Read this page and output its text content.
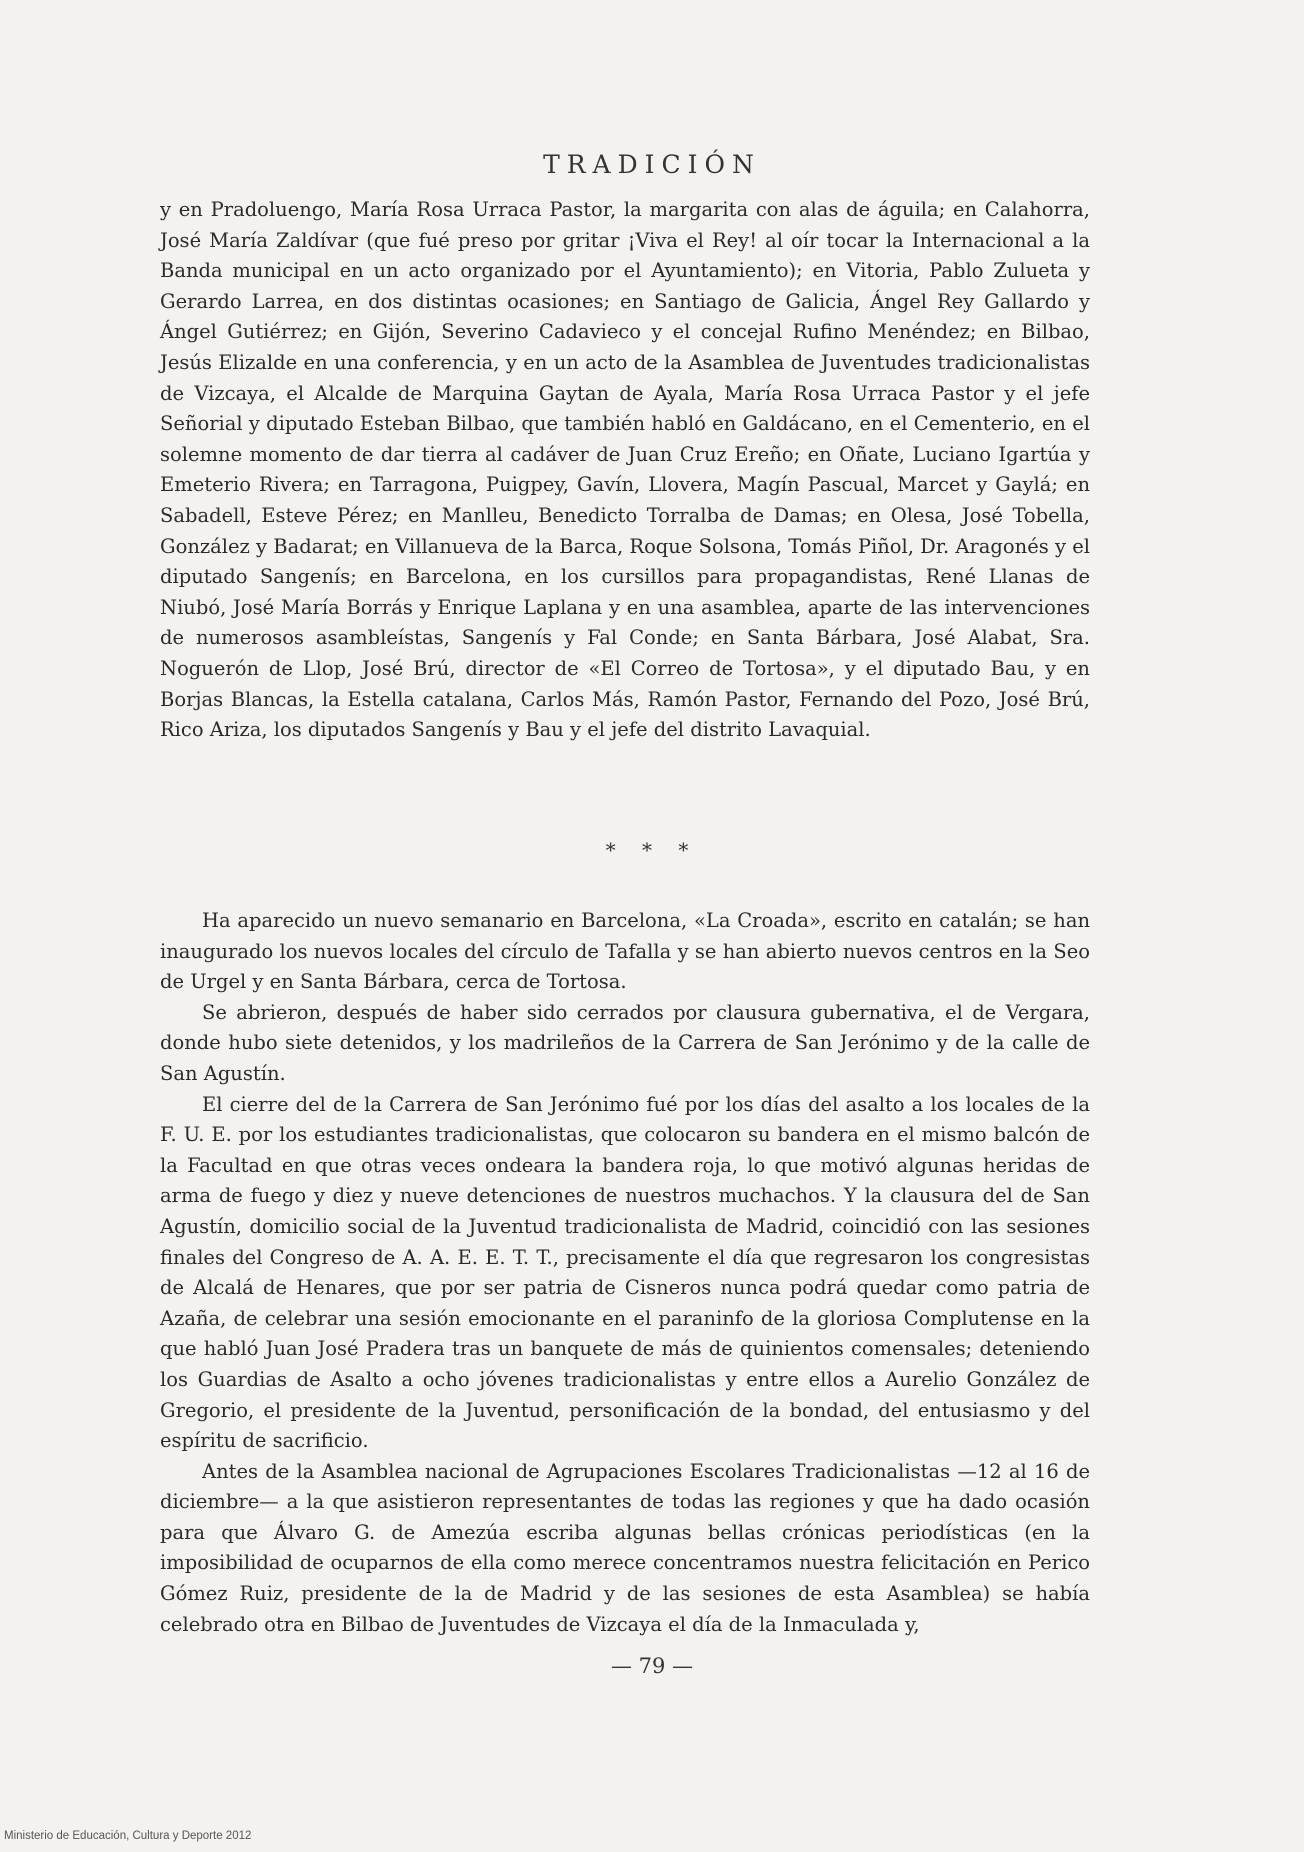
TRADICIÓN

y en Pradoluengo, María Rosa Urraca Pastor, la margarita con alas de águila; en Calahorra, José María Zaldívar (que fué preso por gritar ¡Viva el Rey! al oír tocar la Internacional a la Banda municipal en un acto organizado por el Ayuntamiento); en Vitoria, Pablo Zulueta y Gerardo Larrea, en dos distintas ocasiones; en Santiago de Galicia, Ángel Rey Gallardo y Ángel Gutiérrez; en Gijón, Severino Cadavieco y el concejal Rufino Menéndez; en Bilbao, Jesús Elizalde en una conferencia, y en un acto de la Asamblea de Juventudes tradicionalistas de Vizcaya, el Alcalde de Marquina Gaytan de Ayala, María Rosa Urraca Pastor y el jefe Señorial y diputado Esteban Bilbao, que también habló en Galdácano, en el Cementerio, en el solemne momento de dar tierra al cadáver de Juan Cruz Ereño; en Oñate, Luciano Igartúa y Emeterio Rivera; en Tarragona, Puigpey, Gavín, Llovera, Magín Pascual, Marcet y Gaylá; en Sabadell, Esteve Pérez; en Manlleu, Benedicto Torralba de Damas; en Olesa, José Tobella, González y Badarat; en Villanueva de la Barca, Roque Solsona, Tomás Piñol, Dr. Aragonés y el diputado Sangenís; en Barcelona, en los cursillos para propagandistas, René Llanas de Niubó, José María Borrás y Enrique Laplana y en una asamblea, aparte de las intervenciones de numerosos asambleístas, Sangenís y Fal Conde; en Santa Bárbara, José Alabat, Sra. Noguerón de Llop, José Brú, director de «El Correo de Tortosa», y el diputado Bau, y en Borjas Blancas, la Estella catalana, Carlos Más, Ramón Pastor, Fernando del Pozo, José Brú, Rico Ariza, los diputados Sangenís y Bau y el jefe del distrito Lavaquial.

* * *

Ha aparecido un nuevo semanario en Barcelona, «La Croada», escrito en catalán; se han inaugurado los nuevos locales del círculo de Tafalla y se han abierto nuevos centros en la Seo de Urgel y en Santa Bárbara, cerca de Tortosa.

Se abrieron, después de haber sido cerrados por clausura gubernativa, el de Vergara, donde hubo siete detenidos, y los madrileños de la Carrera de San Jerónimo y de la calle de San Agustín.

El cierre del de la Carrera de San Jerónimo fué por los días del asalto a los locales de la F. U. E. por los estudiantes tradicionalistas, que colocaron su bandera en el mismo balcón de la Facultad en que otras veces ondeara la bandera roja, lo que motivó algunas heridas de arma de fuego y diez y nueve detenciones de nuestros muchachos. Y la clausura del de San Agustín, domicilio social de la Juventud tradicionalista de Madrid, coincidió con las sesiones finales del Congreso de A. A. E. E. T. T., precisamente el día que regresaron los congresistas de Alcalá de Henares, que por ser patria de Cisneros nunca podrá quedar como patria de Azaña, de celebrar una sesión emocionante en el paraninfo de la gloriosa Complutense en la que habló Juan José Pradera tras un banquete de más de quinientos comensales; deteniendo los Guardias de Asalto a ocho jóvenes tradicionalistas y entre ellos a Aurelio González de Gregorio, el presidente de la Juventud, personificación de la bondad, del entusiasmo y del espíritu de sacrificio.

Antes de la Asamblea nacional de Agrupaciones Escolares Tradicionalistas —12 al 16 de diciembre— a la que asistieron representantes de todas las regiones y que ha dado ocasión para que Álvaro G. de Amezúa escriba algunas bellas crónicas periodísticas (en la imposibilidad de ocuparnos de ella como merece concentramos nuestra felicitación en Perico Gómez Ruiz, presidente de la de Madrid y de las sesiones de esta Asamblea) se había celebrado otra en Bilbao de Juventudes de Vizcaya el día de la Inmaculada y,

— 79 —
Ministerio de Educación, Cultura y Deporte 2012
